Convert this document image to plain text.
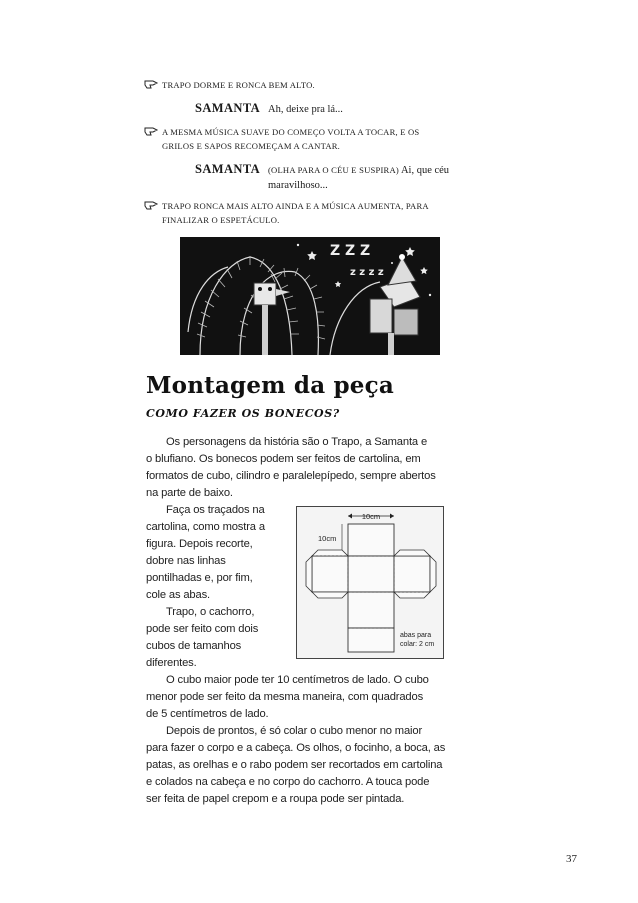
TRAPO DORME E RONCA BEM ALTO.
SAMANTA Ah, deixe pra lá...
A MESMA MÚSICA SUAVE DO COMEÇO VOLTA A TOCAR, E OS
GRILOS E SAPOS RECOMEÇAM A CANTAR.
SAMANTA (OLHA PARA O CÉU E SUSPIRA) Ai, que céu
maravilhoso...
TRAPO RONCA MAIS ALTO AINDA E A MÚSICA AUMENTA, PARA
FINALIZAR O ESPETÁCULO.
Z Z Z
z z z z
Montagem da peça
COMO FAZER OS BONECOS?
Os personagens da história são o Trapo, a Samanta e
o blufiano. Os bonecos podem ser feitos de cartolina, em
formatos de cubo, cilindro e paralelepípedo, sempre abertos
na parte de baixo.
Faça os traçados na
cartolina, como mostra a
figura. Depois recorte,
dobre nas linhas
pontilhadas e, por fim,
cole as abas.
Trapo, o cachorro,
pode ser feito com dois
cubos de tamanhos
diferentes.
10cm
10cm
abas para
colar: 2 cm
O cubo maior pode ter 10 centímetros de lado. O cubo
menor pode ser feito da mesma maneira, com quadrados
de 5 centímetros de lado.
Depois de prontos, é só colar o cubo menor no maior
para fazer o corpo e a cabeça. Os olhos, o focinho, a boca, as
patas, as orelhas e o rabo podem ser recortados em cartolina
e colados na cabeça e no corpo do cachorro. A touca pode
ser feita de papel crepom e a roupa pode ser pintada.
37
